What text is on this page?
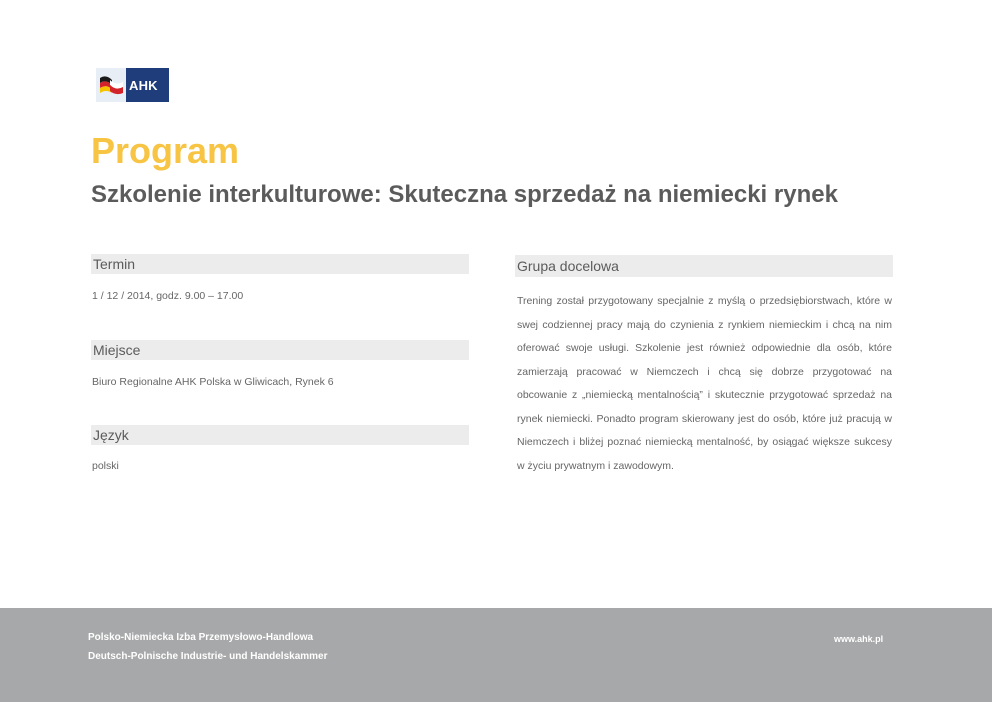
AHK
Program
Szkolenie interkulturowe: Skuteczna sprzedaż na niemiecki rynek
Termin
1 / 12 / 2014, godz. 9.00 – 17.00
Miejsce
Biuro Regionalne AHK Polska w Gliwicach, Rynek 6
Język
polski
Grupa docelowa

Trening został przygotowany specjalnie z myślą o przedsiębiorstwach, które w swej codziennej pracy mają do czynienia z rynkiem niemieckim i chcą na nim oferować swoje usługi. Szkolenie jest również odpowiednie dla osób, które zamierzają pracować w Niemczech i chcą się dobrze przygotować na obcowanie z „niemiecką mentalnością” i skutecznie przygotować sprzedaż na rynek niemiecki. Ponadto program skierowany jest do osób, które już pracują w Niemczech i bliżej poznać niemiecką mentalność, by osiągać większe sukcesy w życiu prywatnym i zawodowym.

Polsko-Niemiecka Izba Przemysłowo-Handlowa
Deutsch-Polnische Industrie- und Handelskammer
www.ahk.pl
